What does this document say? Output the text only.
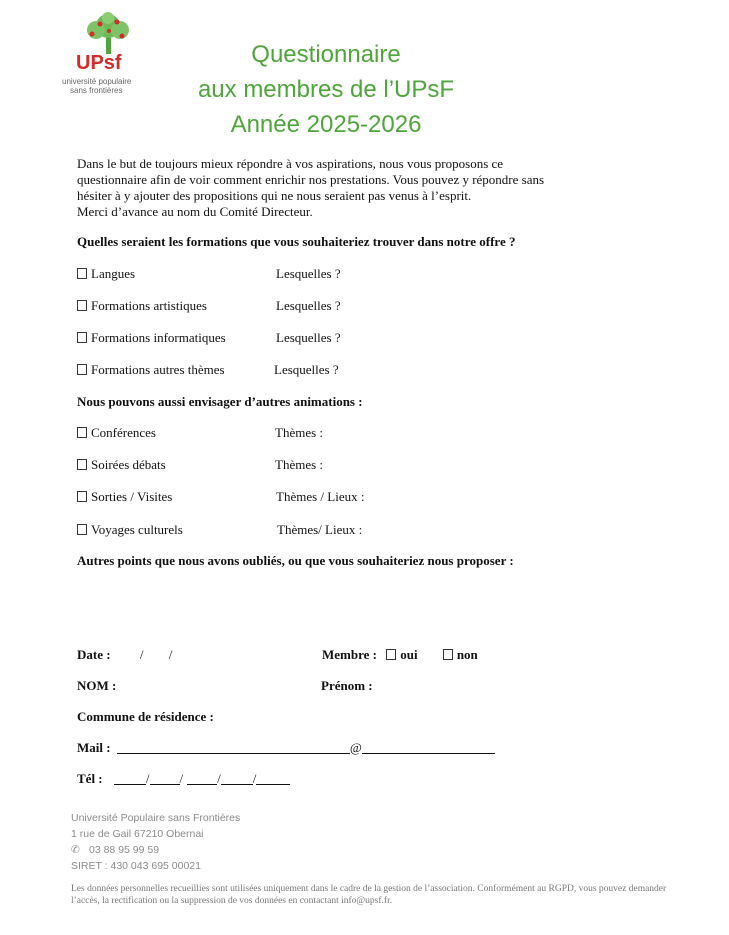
UPsf
université populaire
sans frontières
Questionnaire
aux membres de l’UPsF
Année 2025-2026
Dans le but de toujours mieux répondre à vos aspirations, nous vous proposons ce
questionnaire afin de voir comment enrichir nos prestations. Vous pouvez y répondre sans
hésiter à y ajouter des propositions qui ne nous seraient pas venus à l’esprit.
Merci d’avance au nom du Comité Directeur.
Quelles seraient les formations que vous souhaiteriez trouver dans notre offre ?
Langues	Lesquelles ?
Formations artistiques	Lesquelles ?
Formations informatiques	Lesquelles ?
Formations autres thèmes	Lesquelles ?
Nous pouvons aussi envisager d’autres animations :
Conférences	Thèmes :
Soirées débats	Thèmes :
Sorties / Visites	Thèmes / Lieux :
Voyages culturels	Thèmes/ Lieux :
Autres points que nous avons oubliés, ou que vous souhaiteriez nous proposer :
Date : / /	Membre : oui	non
NOM :	Prénom :
Commune de résidence :
Mail :	@
Tél :	/ /	/ /
Université Populaire sans Frontières
1 rue de Gail 67210 Obernai
✆ 03 88 95 99 59
SIRET : 430 043 695 00021
Les données personnelles recueillies sont utilisées uniquement dans le cadre de la gestion de l’association. Conformément au RGPD, vous pouvez demander l’accès, la rectification ou la suppression de vos données en contactant info@upsf.fr.
